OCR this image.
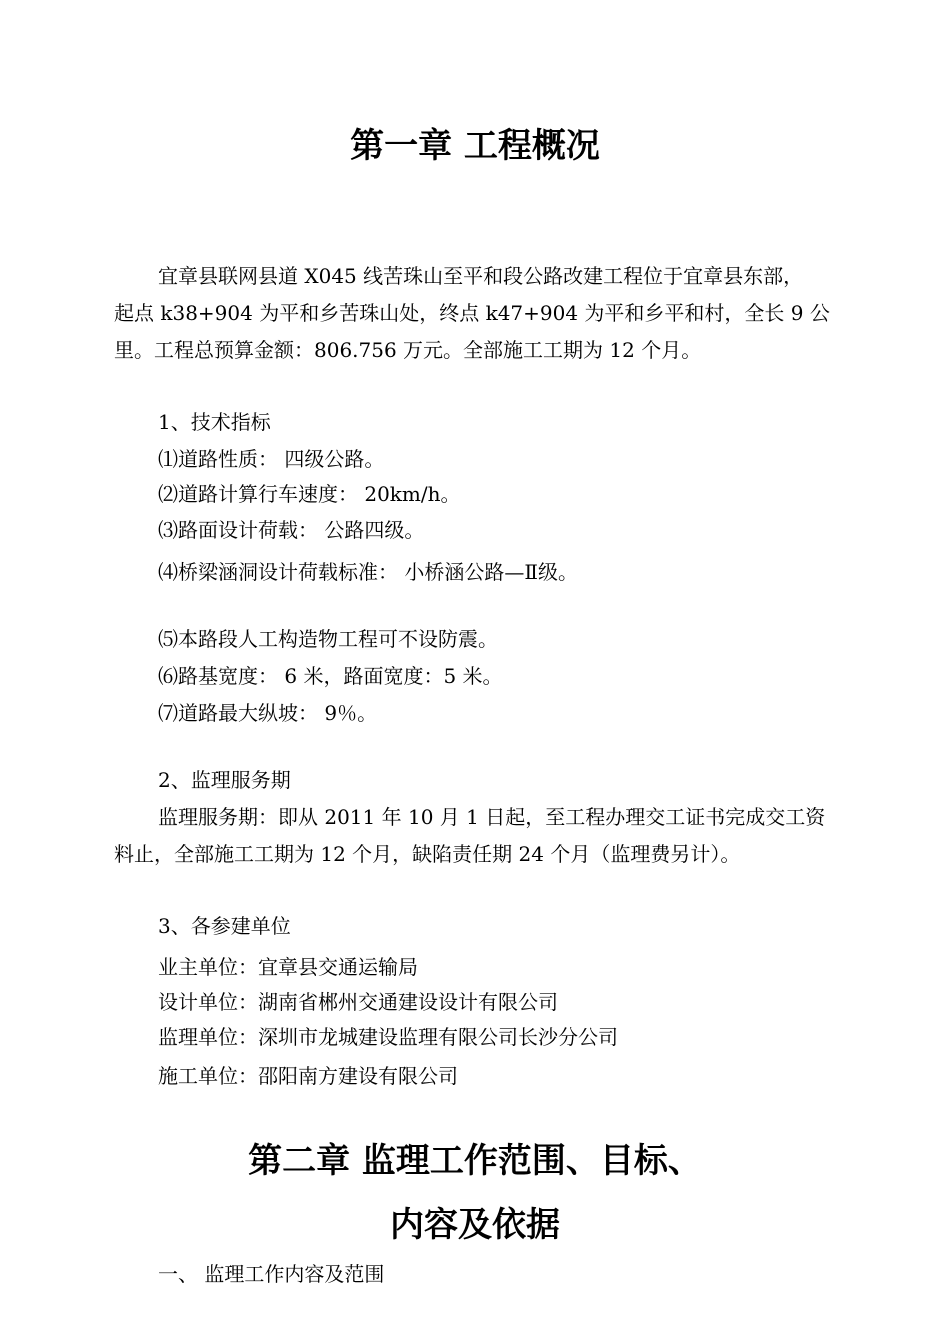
第一章 工程概况

宜章县联网县道 X045 线苦珠山至平和段公路改建工程位于宜章县东部，

起点 k38+904 为平和乡苦珠山处，终点 k47+904 为平和乡平和村，全长 9 公

里。工程总预算金额：806.756 万元。全部施工工期为 12 个月。

1、技术指标

⑴道路性质： 四级公路。

⑵道路计算行车速度： 20km/h。

⑶路面设计荷载： 公路四级。

⑷桥梁涵洞设计荷载标准： 小桥涵公路—Ⅱ级。

⑸本路段人工构造物工程可不设防震。

⑹路基宽度： 6 米，路面宽度：5 米。

⑺道路最大纵坡： 9％。

2、监理服务期

监理服务期：即从 2011 年 10 月 1 日起，至工程办理交工证书完成交工资

料止，全部施工工期为 12 个月，缺陷责任期 24 个月（监理费另计）。

3、各参建单位

业主单位：宜章县交通运输局

设计单位：湖南省郴州交通建设设计有限公司

监理单位：深圳市龙城建设监理有限公司长沙分公司

施工单位：邵阳南方建设有限公司

第二章 监理工作范围、目标、
内容及依据

一、 监理工作内容及范围
